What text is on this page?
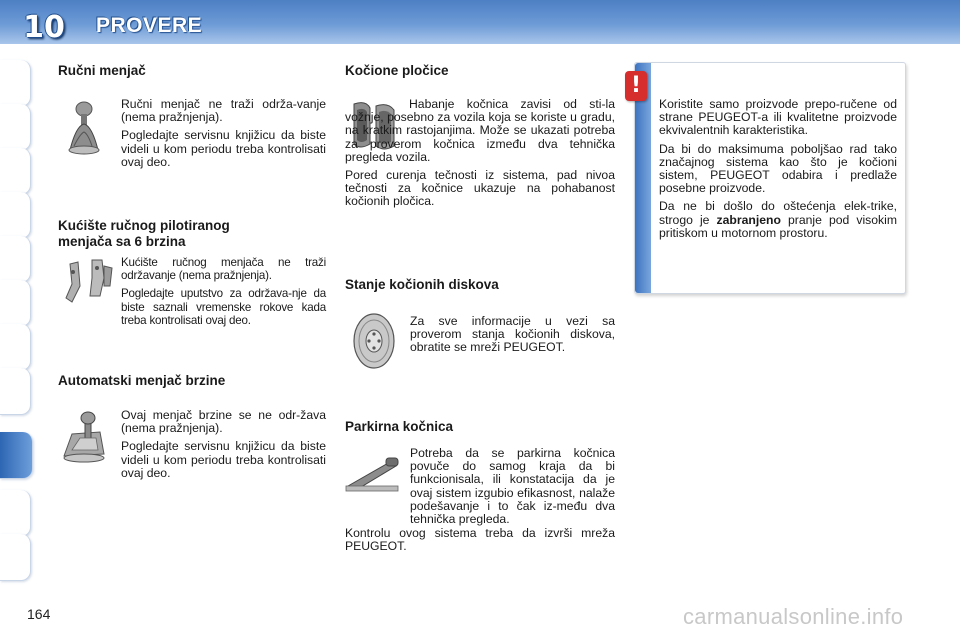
10 PROVERE
Ručni menjač

Ručni menjač ne traži održa-vanje (nema pražnjenja).

Pogledajte servisnu knjižicu da biste videli u kom periodu treba kontrolisati ovaj deo.

Kućište ručnog pilotiranog
menjača sa 6 brzina

Kućište ručnog menjača ne traži održavanje (nema pražnjenja).

Pogledajte uputstvo za održava-nje da biste saznali vremenske rokove kada treba kontrolisati ovaj deo.

Automatski menjač brzine

Ovaj menjač brzine se ne odr-žava (nema pražnjenja).

Pogledajte servisnu knjižicu da biste videli u kom periodu treba kontrolisati ovaj deo.

Kočione pločice

Habanje kočnica zavisi od sti-la vožnje, posebno za vozila koja se koriste u gradu, na kratkim rastojanjima. Može se ukazati potreba za proverom kočnica između dva tehnička pregleda vozila.

Pored curenja tečnosti iz sistema, pad nivoa tečnosti za kočnice ukazuje na pohabanost kočionih pločica.

Stanje kočionih diskova

Za sve informacije u vezi sa proverom stanja kočionih diskova, obratite se mreži PEUGEOT.

Parkirna kočnica

Potreba da se parkirna kočnica povuče do samog kraja da bi funkcionisala, ili konstatacija da je ovaj sistem izgubio efikasnost, nalaže podešavanje i to čak iz-među dva tehnička pregleda.

Kontrolu ovog sistema treba da izvrši mreža PEUGEOT.

!

Koristite samo proizvode prepo-ručene od strane PEUGEOT-a ili kvalitetne proizvode ekvivalentnih karakteristika.

Da bi do maksimuma poboljšao rad tako značajnog sistema kao što je kočioni sistem, PEUGEOT odabira i predlaže posebne proizvode.

Da ne bi došlo do oštećenja elek-trike, strogo je zabranjeno pranje pod visokim pritiskom u motornom prostoru.

164	carmanualsonline.info
